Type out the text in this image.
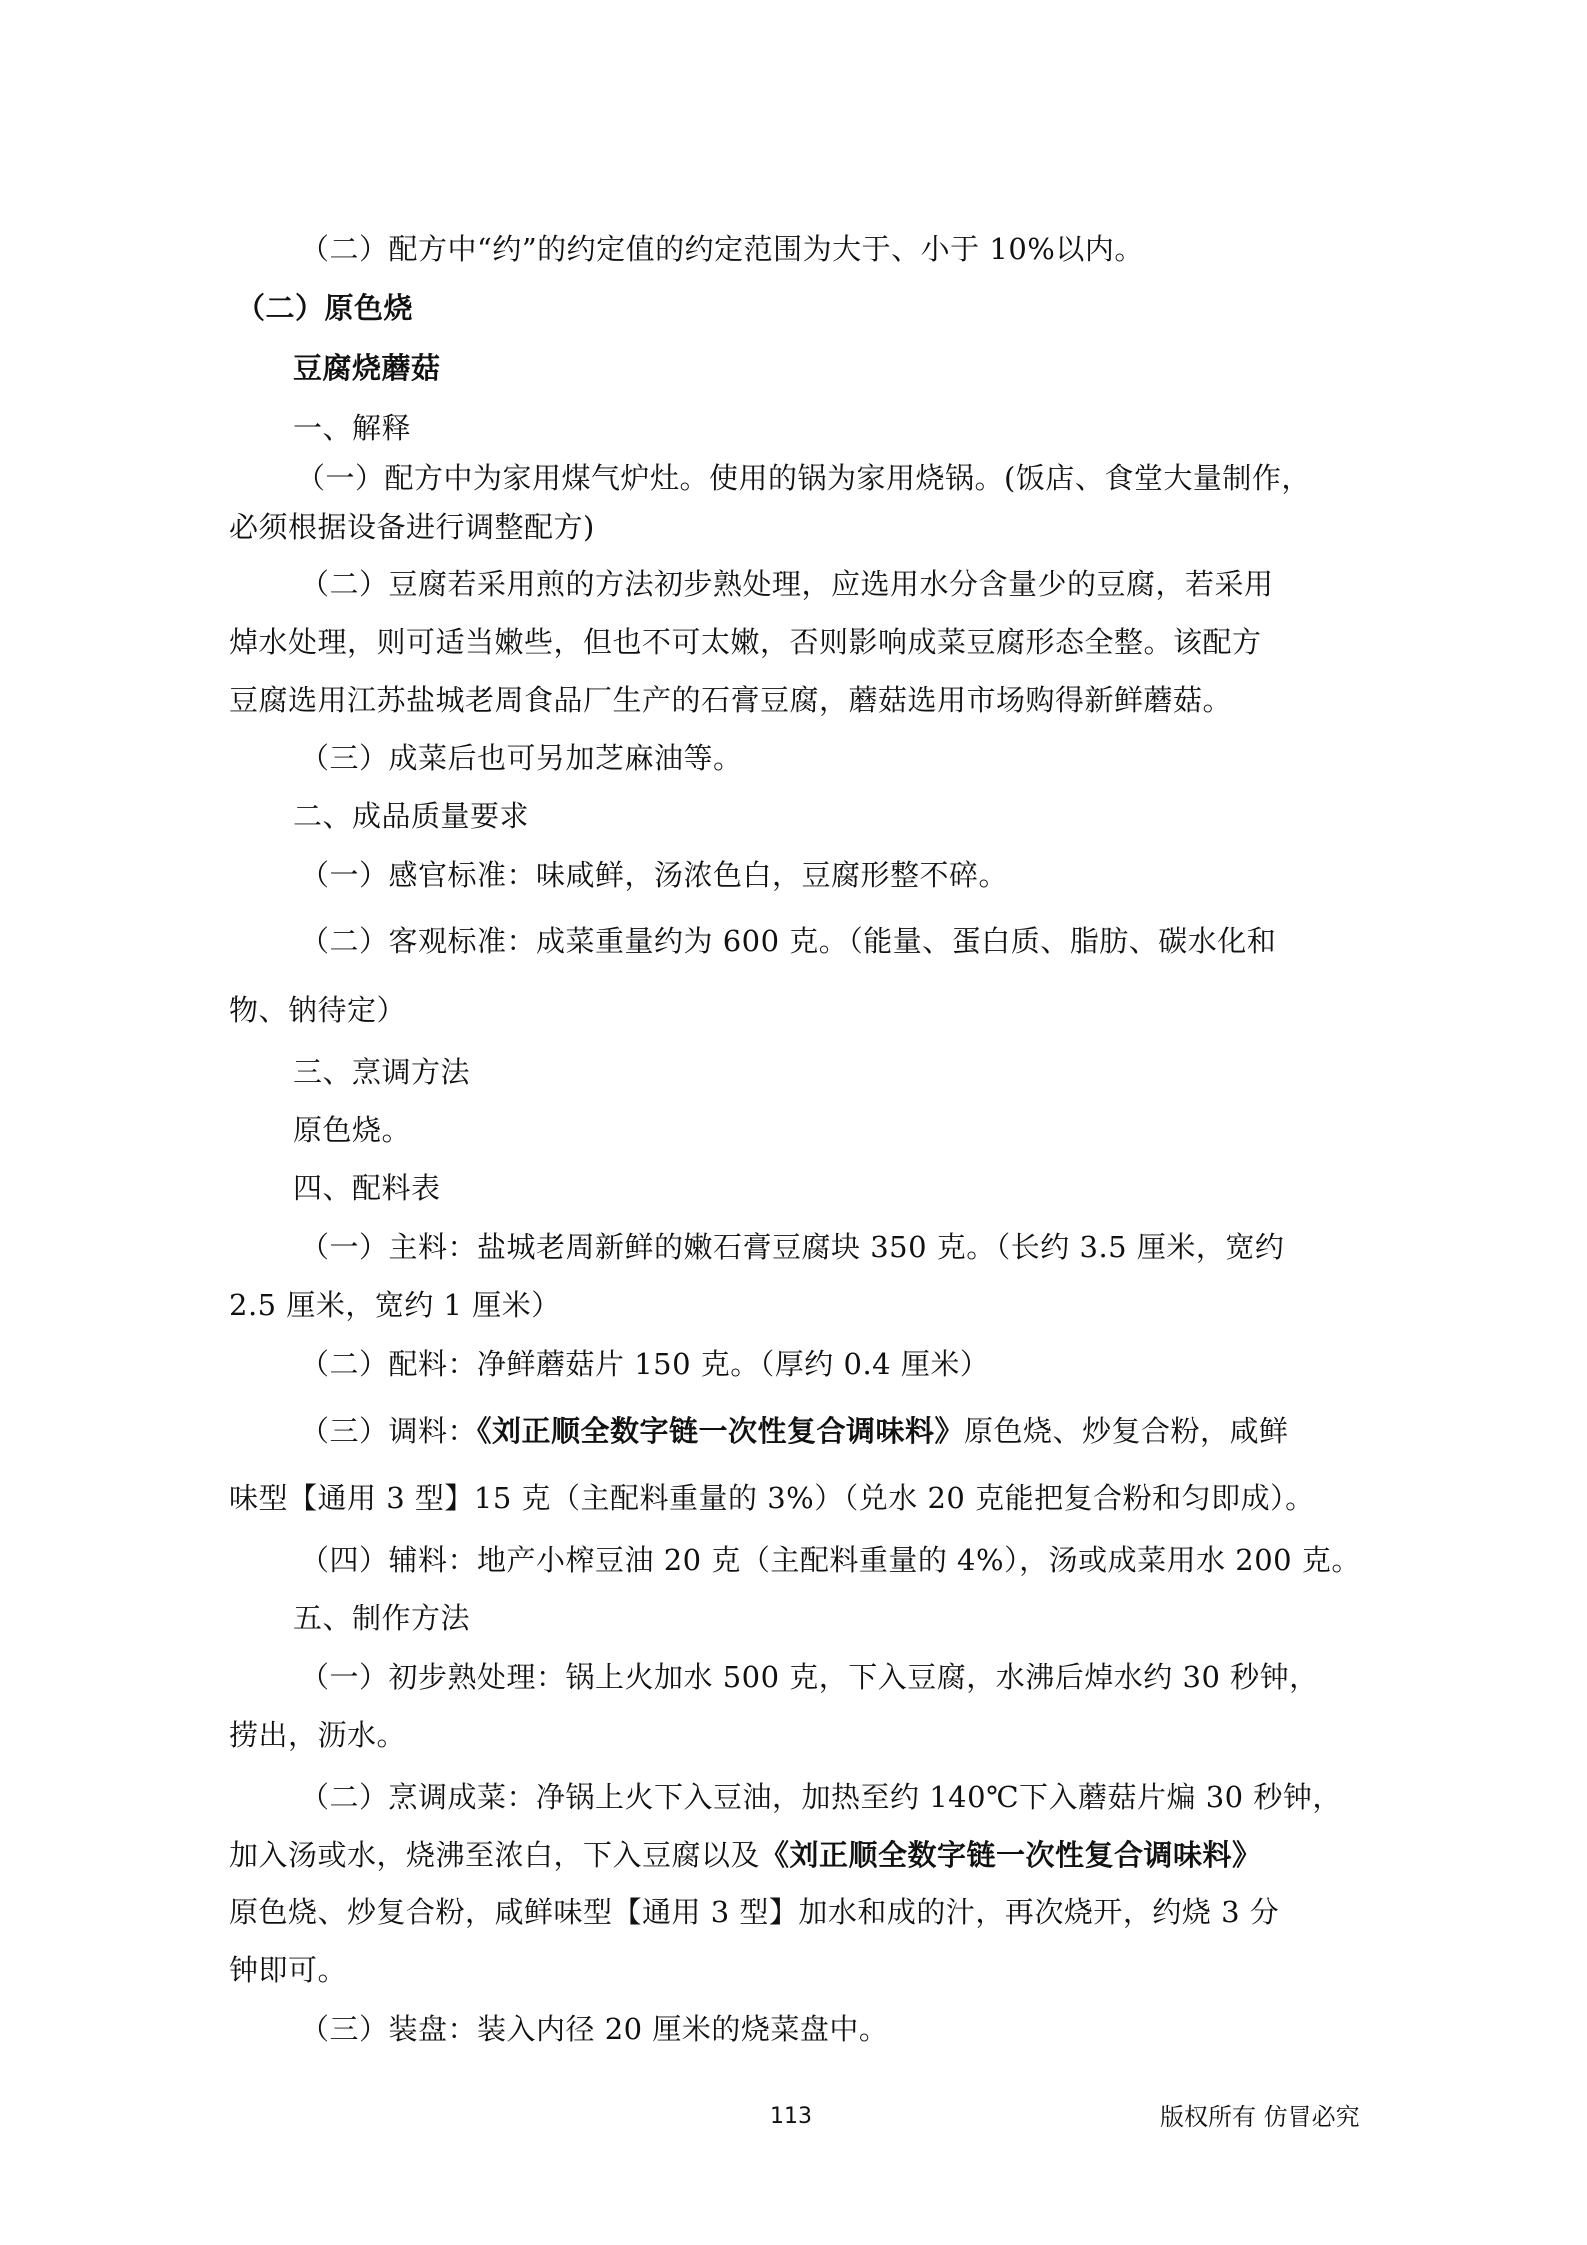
（二）配方中“约”的约定值的约定范围为大于、小于 10%以内。
（二）原色烧
豆腐烧蘑菇
一、解释
（一）配方中为家用煤气炉灶。使用的锅为家用烧锅。(饭店、食堂大量制作，
必须根据设备进行调整配方)
（二）豆腐若采用煎的方法初步熟处理，应选用水分含量少的豆腐，若采用
焯水处理，则可适当嫩些，但也不可太嫩，否则影响成菜豆腐形态全整。该配方
豆腐选用江苏盐城老周食品厂生产的石膏豆腐，蘑菇选用市场购得新鲜蘑菇。
（三）成菜后也可另加芝麻油等。
二、成品质量要求
（一）感官标准：味咸鲜，汤浓色白，豆腐形整不碎。
（二）客观标准：成菜重量约为 600 克。（能量、蛋白质、脂肪、碳水化和
物、钠待定）
三、烹调方法
原色烧。
四、配料表
（一）主料：盐城老周新鲜的嫩石膏豆腐块 350 克。（长约 3.5 厘米，宽约
2.5 厘米，宽约 1 厘米）
（二）配料：净鲜蘑菇片 150 克。（厚约 0.4 厘米）
（三）调料：《刘正顺全数字链一次性复合调味料》原色烧、炒复合粉，咸鲜
味型【通用 3 型】15 克（主配料重量的 3%）（兑水 20 克能把复合粉和匀即成）。
（四）辅料：地产小榨豆油 20 克（主配料重量的 4%），汤或成菜用水 200 克。
五、制作方法
（一）初步熟处理：锅上火加水 500 克，下入豆腐，水沸后焯水约 30 秒钟，
捞出，沥水。
（二）烹调成菜：净锅上火下入豆油，加热至约 140℃下入蘑菇片煸 30 秒钟，
加入汤或水，烧沸至浓白，下入豆腐以及《刘正顺全数字链一次性复合调味料》
原色烧、炒复合粉，咸鲜味型【通用 3 型】加水和成的汁，再次烧开，约烧 3 分
钟即可。
（三）装盘：装入内径 20 厘米的烧菜盘中。
113	版权所有 仿冒必究
